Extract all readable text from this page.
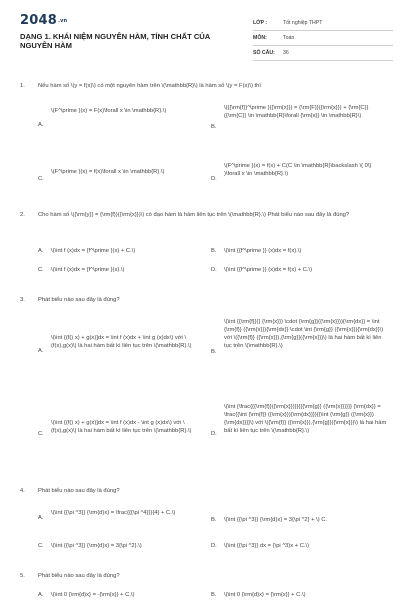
2048.vn
DẠNG 1. KHÁI NIỆM NGUYÊN HÀM, TÍNH CHẤT CỦA NGUYÊN HÀM
LỚP :	Tốt nghiệp THPT
MÔN:	Toán
SỐ CÂU:	36
1.	Nếu hàm số \(y = f(x)\) có một nguyên hàm trên \(\mathbb{R}\) là hàm số \(y = F(x)\) thì
A.
\(F^\prime }(x) = F(x)\forall x \in \mathbb{R}.\)
B.
\({{\rm{f}}^\prime }({\rm{x}}) = {\rm{F}}({\rm{x}}) + {\rm{C}}({\rm{C}} \in \mathbb{R}\forall {\rm{x}} \in \mathbb{R}\)
C.
\(F^\prime }(x) = f(x)\forall x \in \mathbb{R}.\)
D.
\(F^\prime }(x) = f(x) + C(C \in \mathbb{R}\backslash \{ 0\} )\forall x \in \mathbb{R}.\)
2.	Cho hàm số \({\rm{y}} = {\rm{f}}({\rm{x}})\) có đạo hàm là hàm liên tục trên \(\mathbb{R}.\) Phát biểu nào sau đây là đúng?
A.	\(\int f (x)dx = {f^\prime }(x) + C.\)	B.	\(\int {{f^\prime }} (x)dx = f(x).\)
C.	\(\int f (x)dx = {f^\prime }(x).\)	D.	\(\int {{f^\prime }} (x)dx = f(x) + C.\)
3.	Phát biểu nào sau đây là đúng?
A.
\(\int {(f() x) + g(x)]dx = \int f (x)dx + \int g (x)dx\) với \(f(x),g(x)\) là hai hàm bất kì liên tục trên \(\mathbb{R}.\)
B.
\(\int {{\rm{f}}(} {\rm{x}}) \cdot {\rm{g}}({\rm{x}})){\rm{dx}} = \int {\rm{f}} ({\rm{x}}){\rm{dx}} \cdot \int {\rm{g}} ({\rm{x}}){\rm{dx}}\) với \({\rm{f}} ({\rm{x}}),{\rm{g}}({\rm{x}})\) là hai hàm bất kì liên tục trên \(\mathbb{R}.\)
C.
\(\int {(f() x) + g(x)]dx = \int f (x)dx - \int g (x)dx\) với \(f(x),g(x)\) là hai hàm bất kì liên tục trên \(\mathbb{R}.\)	D.
\(\int {\frac{{{\rm{f}}({\rm{x}})}}{{{\rm{g}} ({\rm{x}})}}} {\rm{dx}} = \frac{{\int {\rm{f}} ({\rm{x}}){\rm{dx}}}}{{\int {\rm{g}} ({\rm{x}}){\rm{dx}}}}\) với \({\rm{f}} ({\rm{x}}),{\rm{g}}({\rm{x}})\) là hai hàm bất kì liên tục trên \(\mathbb{R}.\)
4.	Phát biểu nào sau đây là đúng?
A.
\(\int {{\pi ^3}} {\rm{d}x} = \frac{{{\pi ^4}}}{4} + C.\)
B.	\(\int {{\pi ^3}} {\rm{d}x} = 3{\pi ^2} + \) C.
C.	\(\int {{\pi ^3}} {\rm{d}x} = 3{\pi ^2}.\)	D.	\(\int {{\pi ^3}} dx = {\pi ^3}x + C.\)
5.	Phát biểu nào sau đây là đúng?
A.	\(\int 0 {\rm{d}x} = -{\rm{x}} + C.\)	B.	\(\int 0 {\rm{d}x} = {\rm{x}} + C.\)
